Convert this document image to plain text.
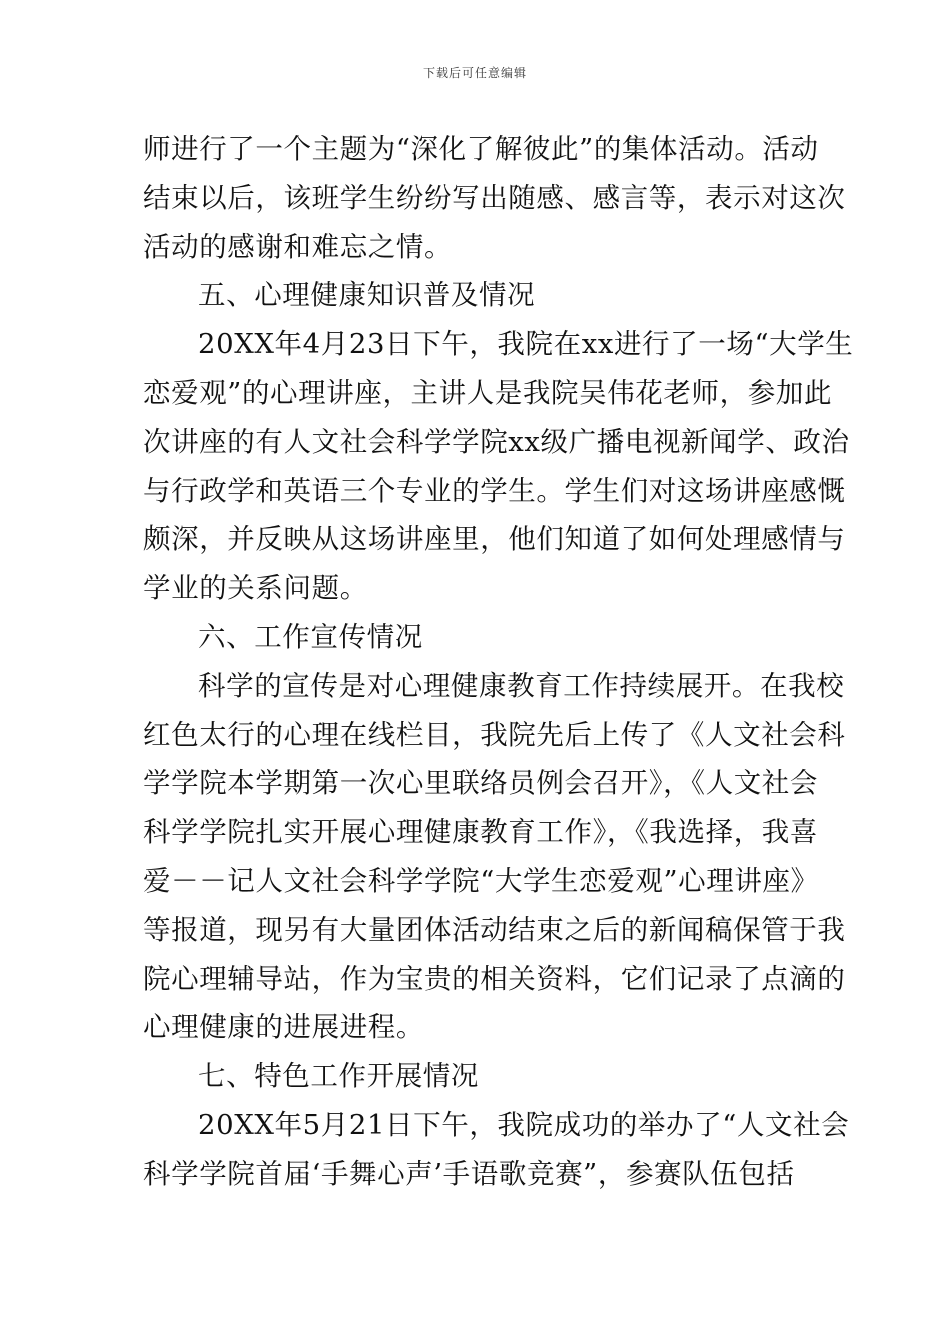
下载后可任意编辑
师进行了一个主题为“深化了解彼此”的集体活动。活动
结束以后，该班学生纷纷写出随感、感言等，表示对这次
活动的感谢和难忘之情。
五、心理健康知识普及情况
20XX年4月23日下午，我院在xx进行了一场“大学生
恋爱观”的心理讲座，主讲人是我院吴伟花老师，参加此
次讲座的有人文社会科学学院xx级广播电视新闻学、政治
与行政学和英语三个专业的学生。学生们对这场讲座感慨
颇深，并反映从这场讲座里，他们知道了如何处理感情与
学业的关系问题。
六、工作宣传情况
科学的宣传是对心理健康教育工作持续展开。在我校
红色太行的心理在线栏目，我院先后上传了《人文社会科
学学院本学期第一次心里联络员例会召开》，《人文社会
科学学院扎实开展心理健康教育工作》，《我选择，我喜
爱－－记人文社会科学学院“大学生恋爱观”心理讲座》
等报道，现另有大量团体活动结束之后的新闻稿保管于我
院心理辅导站，作为宝贵的相关资料，它们记录了点滴的
心理健康的进展进程。
七、特色工作开展情况
20XX年5月21日下午，我院成功的举办了“人文社会
科学学院首届‘手舞心声’手语歌竞赛”，参赛队伍包括
